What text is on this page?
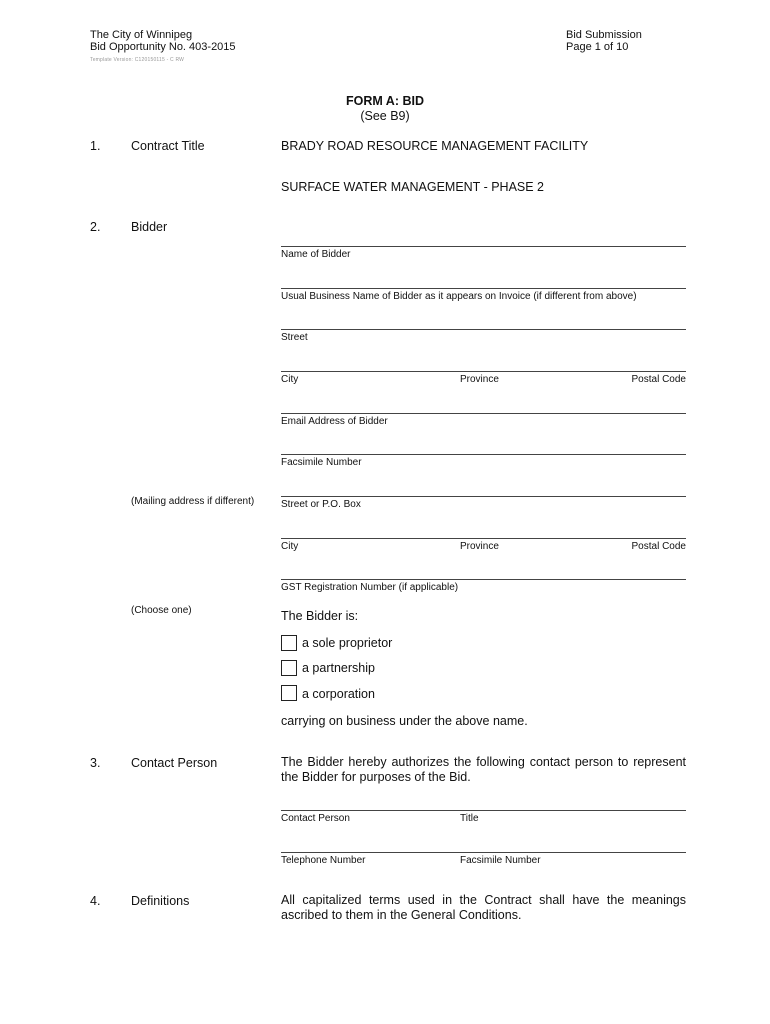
The City of Winnipeg
Bid Opportunity No. 403-2015
Bid Submission
Page 1 of 10
Template Version: C120150115 - C RW
FORM A: BID
(See B9)
1. Contract Title	BRADY ROAD RESOURCE MANAGEMENT FACILITY
SURFACE WATER MANAGEMENT - PHASE 2
2. Bidder
Name of Bidder
Usual Business Name of Bidder as it appears on Invoice (if different from above)
Street
City	Province	Postal Code
Email Address of Bidder
Facsimile Number
(Mailing address if different)	Street or P.O. Box
City	Province	Postal Code
GST Registration Number (if applicable)
(Choose one)	The Bidder is:
a sole proprietor
a partnership
a corporation
carrying on business under the above name.
3. Contact Person	The Bidder hereby authorizes the following contact person to represent
the Bidder for purposes of the Bid.
Contact Person	Title
Telephone Number	Facsimile Number
4. Definitions	All capitalized terms used in the Contract shall have the meanings
ascribed to them in the General Conditions.
